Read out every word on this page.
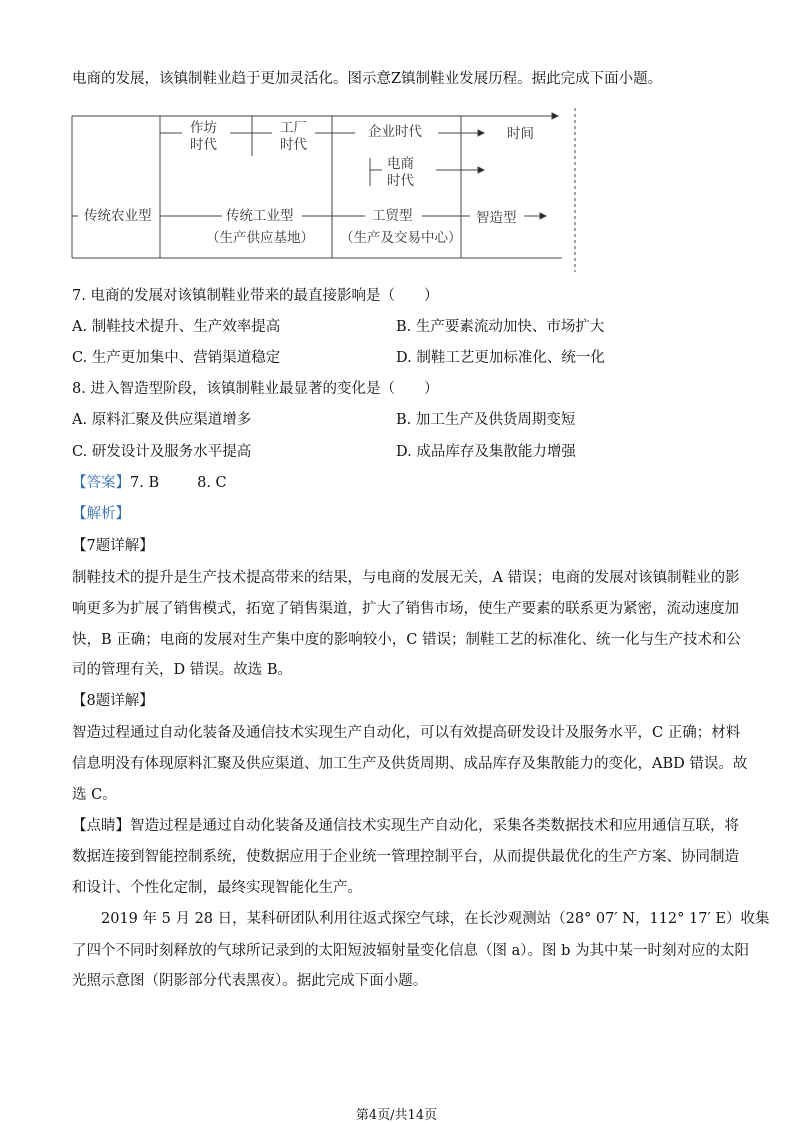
电商的发展，该镇制鞋业趋于更加灵活化。图示意Z镇制鞋业发展历程。据此完成下面小题。
作坊
时代
工厂
时代
企业时代	时间
电商
时代
传统农业型	传统工业型
（生产供应基地）
工贸型
（生产及交易中心）
智造型
7. 电商的发展对该镇制鞋业带来的最直接影响是（　　）
A. 制鞋技术提升、生产效率提高	B. 生产要素流动加快、市场扩大
C. 生产更加集中、营销渠道稳定	D. 制鞋工艺更加标准化、统一化
8. 进入智造型阶段，该镇制鞋业最显著的变化是（　　）
A. 原料汇聚及供应渠道增多	B. 加工生产及供货周期变短
C. 研发设计及服务水平提高	D. 成品库存及集散能力增强
【答案】7. B	8. C
【解析】
【7题详解】
制鞋技术的提升是生产技术提高带来的结果，与电商的发展无关，A 错误；电商的发展对该镇制鞋业的影
响更多为扩展了销售模式，拓宽了销售渠道，扩大了销售市场，使生产要素的联系更为紧密，流动速度加
快，B 正确；电商的发展对生产集中度的影响较小，C 错误；制鞋工艺的标准化、统一化与生产技术和公
司的管理有关，D 错误。故选 B。
【8题详解】
智造过程通过自动化装备及通信技术实现生产自动化，可以有效提高研发设计及服务水平，C 正确；材料
信息明没有体现原料汇聚及供应渠道、加工生产及供货周期、成品库存及集散能力的变化，ABD 错误。故
选 C。
【点睛】智造过程是通过自动化装备及通信技术实现生产自动化，采集各类数据技术和应用通信互联，将
数据连接到智能控制系统，使数据应用于企业统一管理控制平台，从而提供最优化的生产方案、协同制造
和设计、个性化定制，最终实现智能化生产。
　　2019 年 5 月 28 日，某科研团队利用往返式探空气球，在长沙观测站（28° 07′ N，112° 17′ E）收集
了四个不同时刻释放的气球所记录到的太阳短波辐射量变化信息（图 a）。图 b 为其中某一时刻对应的太阳
光照示意图（阴影部分代表黑夜）。据此完成下面小题。
第4页/共14页
